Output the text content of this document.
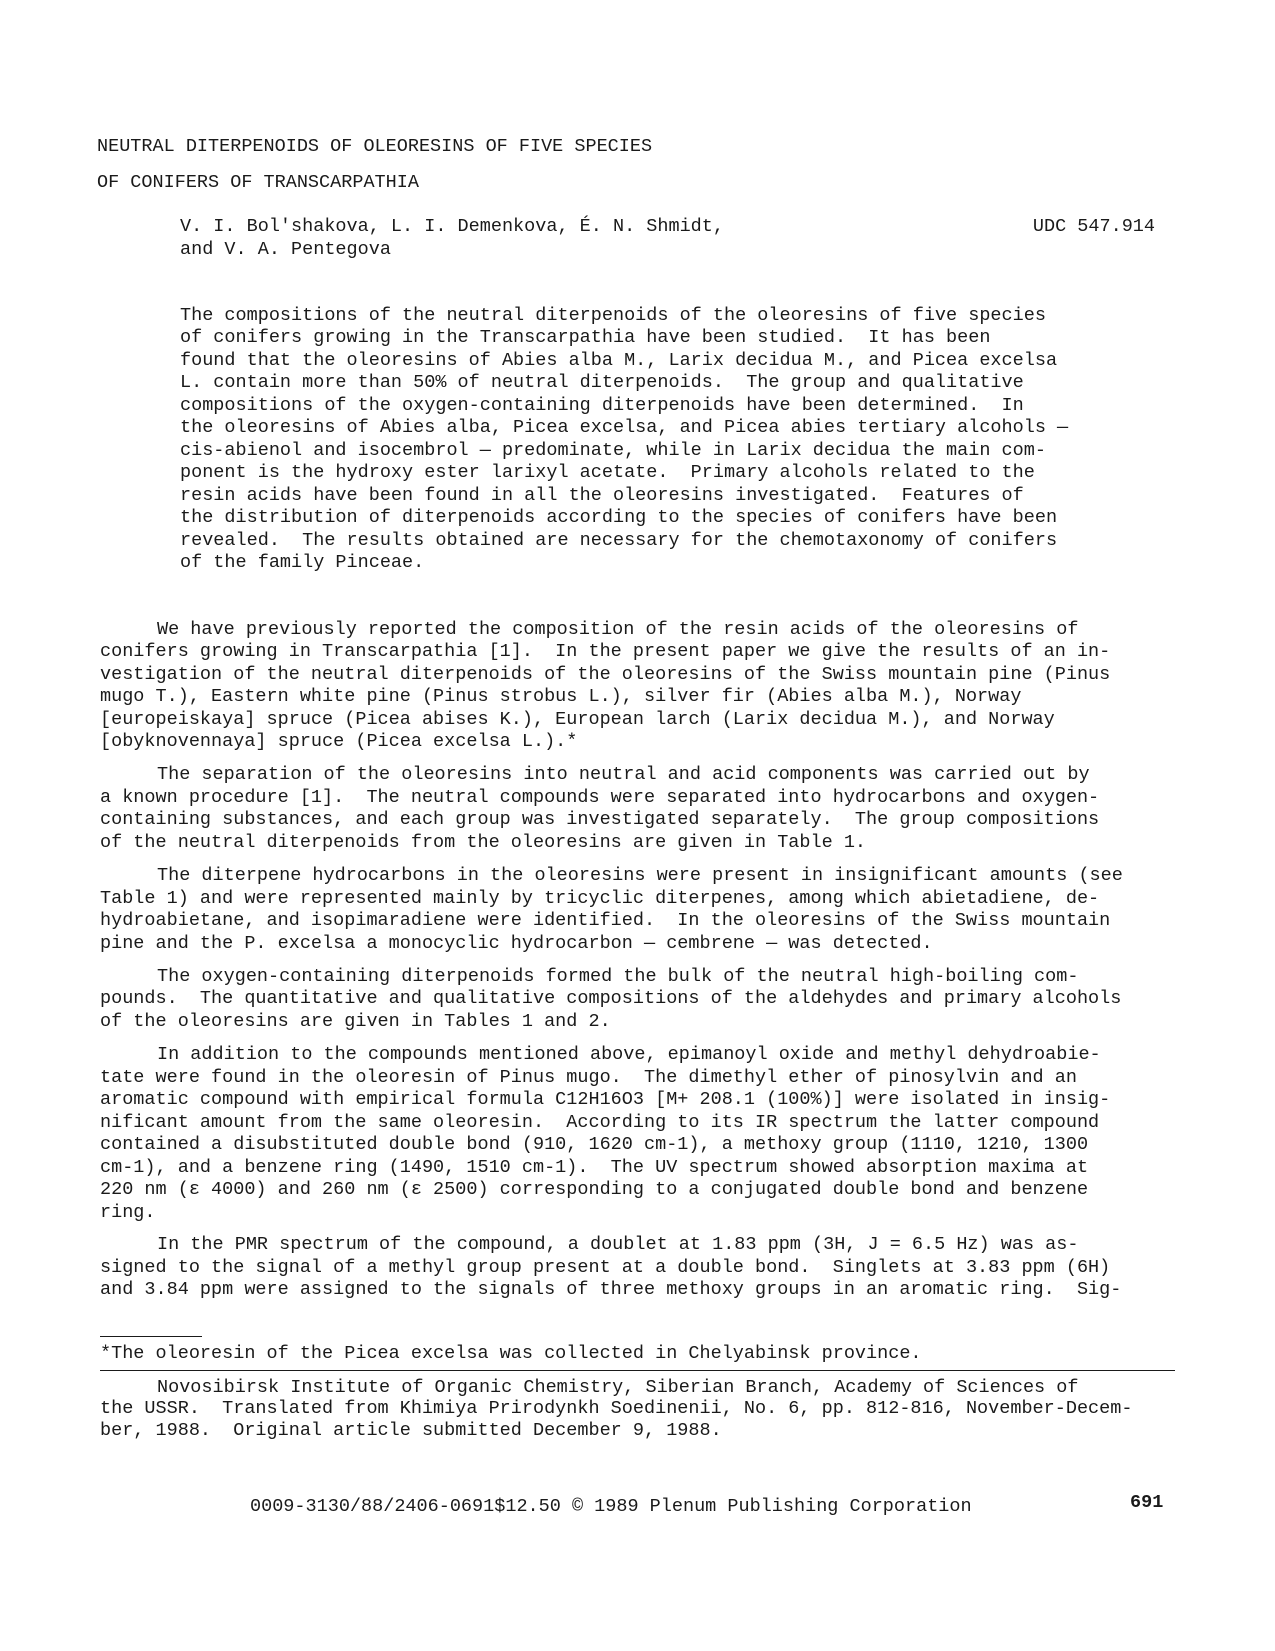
NEUTRAL DITERPENOIDS OF OLEORESINS OF FIVE SPECIES
OF CONIFERS OF TRANSCARPATHIA
V. I. Bol'shakova, L. I. Demenkova, É. N. Shmidt,
and V. A. Pentegova
UDC 547.914
The compositions of the neutral diterpenoids of the oleoresins of five species
of conifers growing in the Transcarpathia have been studied.  It has been
found that the oleoresins of Abies alba M., Larix decidua M., and Picea excelsa
L. contain more than 50% of neutral diterpenoids.  The group and qualitative
compositions of the oxygen-containing diterpenoids have been determined.  In
the oleoresins of Abies alba, Picea excelsa, and Picea abies tertiary alcohols —
cis-abienol and isocembrol — predominate, while in Larix decidua the main com-
ponent is the hydroxy ester larixyl acetate.  Primary alcohols related to the
resin acids have been found in all the oleoresins investigated.  Features of
the distribution of diterpenoids according to the species of conifers have been
revealed.  The results obtained are necessary for the chemotaxonomy of conifers
of the family Pinceae.
We have previously reported the composition of the resin acids of the oleoresins of
conifers growing in Transcarpathia [1].  In the present paper we give the results of an in-
vestigation of the neutral diterpenoids of the oleoresins of the Swiss mountain pine (Pinus
mugo T.), Eastern white pine (Pinus strobus L.), silver fir (Abies alba M.), Norway
[europeiskaya] spruce (Picea abises K.), European larch (Larix decidua M.), and Norway
[obyknovennaya] spruce (Picea excelsa L.).*
The separation of the oleoresins into neutral and acid components was carried out by
a known procedure [1].  The neutral compounds were separated into hydrocarbons and oxygen-
containing substances, and each group was investigated separately.  The group compositions
of the neutral diterpenoids from the oleoresins are given in Table 1.
The diterpene hydrocarbons in the oleoresins were present in insignificant amounts (see
Table 1) and were represented mainly by tricyclic diterpenes, among which abietadiene, de-
hydroabietane, and isopimaradiene were identified.  In the oleoresins of the Swiss mountain
pine and the P. excelsa a monocyclic hydrocarbon — cembrene — was detected.
The oxygen-containing diterpenoids formed the bulk of the neutral high-boiling com-
pounds.  The quantitative and qualitative compositions of the aldehydes and primary alcohols
of the oleoresins are given in Tables 1 and 2.
In addition to the compounds mentioned above, epimanoyl oxide and methyl dehydroabie-
tate were found in the oleoresin of Pinus mugo.  The dimethyl ether of pinosylvin and an
aromatic compound with empirical formula C12H16O3 [M+ 208.1 (100%)] were isolated in insig-
nificant amount from the same oleoresin.  According to its IR spectrum the latter compound
contained a disubstituted double bond (910, 1620 cm-1), a methoxy group (1110, 1210, 1300
cm-1), and a benzene ring (1490, 1510 cm-1).  The UV spectrum showed absorption maxima at
220 nm (ε 4000) and 260 nm (ε 2500) corresponding to a conjugated double bond and benzene
ring.
In the PMR spectrum of the compound, a doublet at 1.83 ppm (3H, J = 6.5 Hz) was as-
signed to the signal of a methyl group present at a double bond.  Singlets at 3.83 ppm (6H)
and 3.84 ppm were assigned to the signals of three methoxy groups in an aromatic ring.  Sig-
*The oleoresin of the Picea excelsa was collected in Chelyabinsk province.
Novosibirsk Institute of Organic Chemistry, Siberian Branch, Academy of Sciences of
the USSR.  Translated from Khimiya Prirodynkh Soedinenii, No. 6, pp. 812-816, November-Decem-
ber, 1988.  Original article submitted December 9, 1988.
0009-3130/88/2406-0691$12.50 © 1989 Plenum Publishing Corporation	691
